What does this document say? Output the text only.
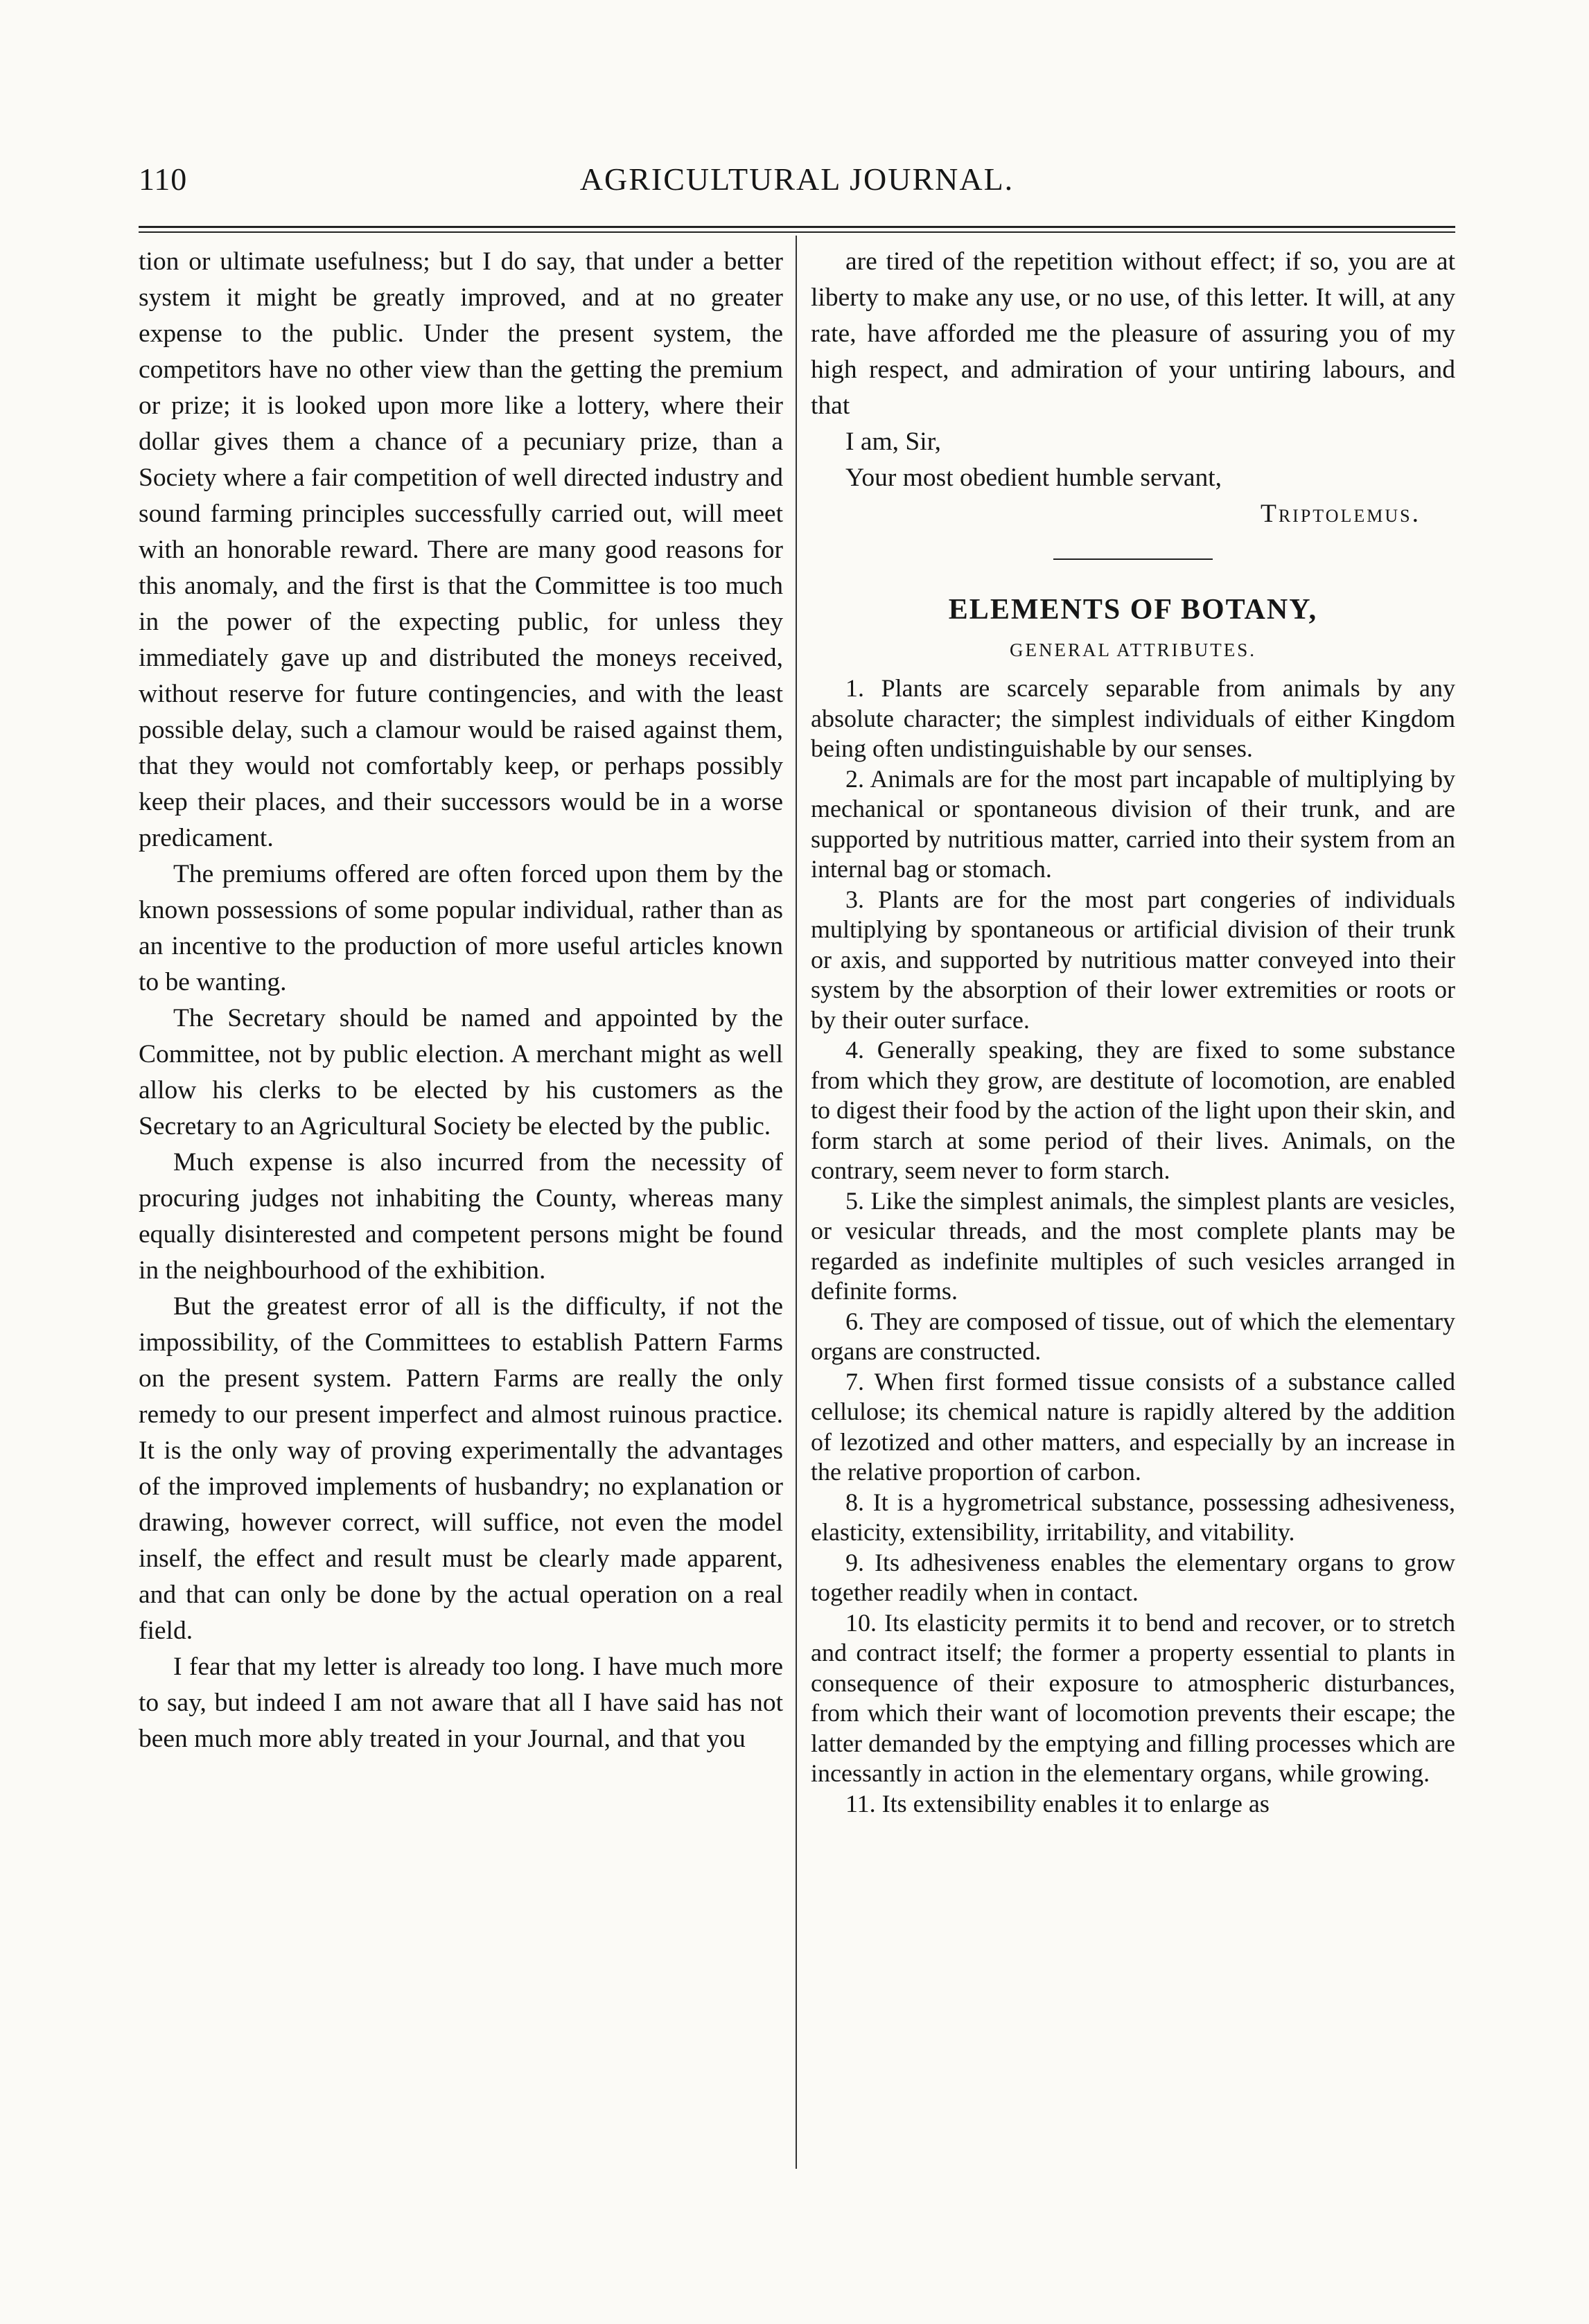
110	AGRICULTURAL JOURNAL.

tion or ultimate usefulness; but I do say, that under a better system it might be greatly improved, and at no greater expense to the public. Under the present system, the competitors have no other view than the getting the premium or prize; it is looked upon more like a lottery, where their dollar gives them a chance of a pecuniary prize, than a Society where a fair competition of well directed industry and sound farming principles successfully carried out, will meet with an honorable reward. There are many good reasons for this anomaly, and the first is that the Committee is too much in the power of the expecting public, for unless they immediately gave up and distributed the moneys received, without reserve for future contingencies, and with the least possible delay, such a clamour would be raised against them, that they would not comfortably keep, or perhaps possibly keep their places, and their successors would be in a worse predicament.

The premiums offered are often forced upon them by the known possessions of some popular individual, rather than as an incentive to the production of more useful articles known to be wanting.

The Secretary should be named and appointed by the Committee, not by public election. A merchant might as well allow his clerks to be elected by his customers as the Secretary to an Agricultural Society be elected by the public.

Much expense is also incurred from the necessity of procuring judges not inhabiting the County, whereas many equally disinterested and competent persons might be found in the neighbourhood of the exhibition.

But the greatest error of all is the difficulty, if not the impossibility, of the Committees to establish Pattern Farms on the present system. Pattern Farms are really the only remedy to our present imperfect and almost ruinous practice. It is the only way of proving experimentally the advantages of the improved implements of husbandry; no explanation or drawing, however correct, will suffice, not even the model inself, the effect and result must be clearly made apparent, and that can only be done by the actual operation on a real field.

I fear that my letter is already too long. I have much more to say, but indeed I am not aware that all I have said has not been much more ably treated in your Journal, and that you

are tired of the repetition without effect; if so, you are at liberty to make any use, or no use, of this letter. It will, at any rate, have afforded me the pleasure of assuring you of my high respect, and admiration of your untiring labours, and that

I am, Sir,

Your most obedient humble servant,

Triptolemus.

ELEMENTS OF BOTANY,
GENERAL ATTRIBUTES.

1. Plants are scarcely separable from animals by any absolute character; the simplest individuals of either Kingdom being often undistinguishable by our senses.

2. Animals are for the most part incapable of multiplying by mechanical or spontaneous division of their trunk, and are supported by nutritious matter, carried into their system from an internal bag or stomach.

3. Plants are for the most part congeries of individuals multiplying by spontaneous or artificial division of their trunk or axis, and supported by nutritious matter conveyed into their system by the absorption of their lower extremities or roots or by their outer surface.

4. Generally speaking, they are fixed to some substance from which they grow, are destitute of locomotion, are enabled to digest their food by the action of the light upon their skin, and form starch at some period of their lives. Animals, on the contrary, seem never to form starch.

5. Like the simplest animals, the simplest plants are vesicles, or vesicular threads, and the most complete plants may be regarded as indefinite multiples of such vesicles arranged in definite forms.

6. They are composed of tissue, out of which the elementary organs are constructed.

7. When first formed tissue consists of a substance called cellulose; its chemical nature is rapidly altered by the addition of lezotized and other matters, and especially by an increase in the relative proportion of carbon.

8. It is a hygrometrical substance, possessing adhesiveness, elasticity, extensibility, irritability, and vitability.

9. Its adhesiveness enables the elementary organs to grow together readily when in contact.

10. Its elasticity permits it to bend and recover, or to stretch and contract itself; the former a property essential to plants in consequence of their exposure to atmospheric disturbances, from which their want of locomotion prevents their escape; the latter demanded by the emptying and filling processes which are incessantly in action in the elementary organs, while growing.

11. Its extensibility enables it to enlarge as
